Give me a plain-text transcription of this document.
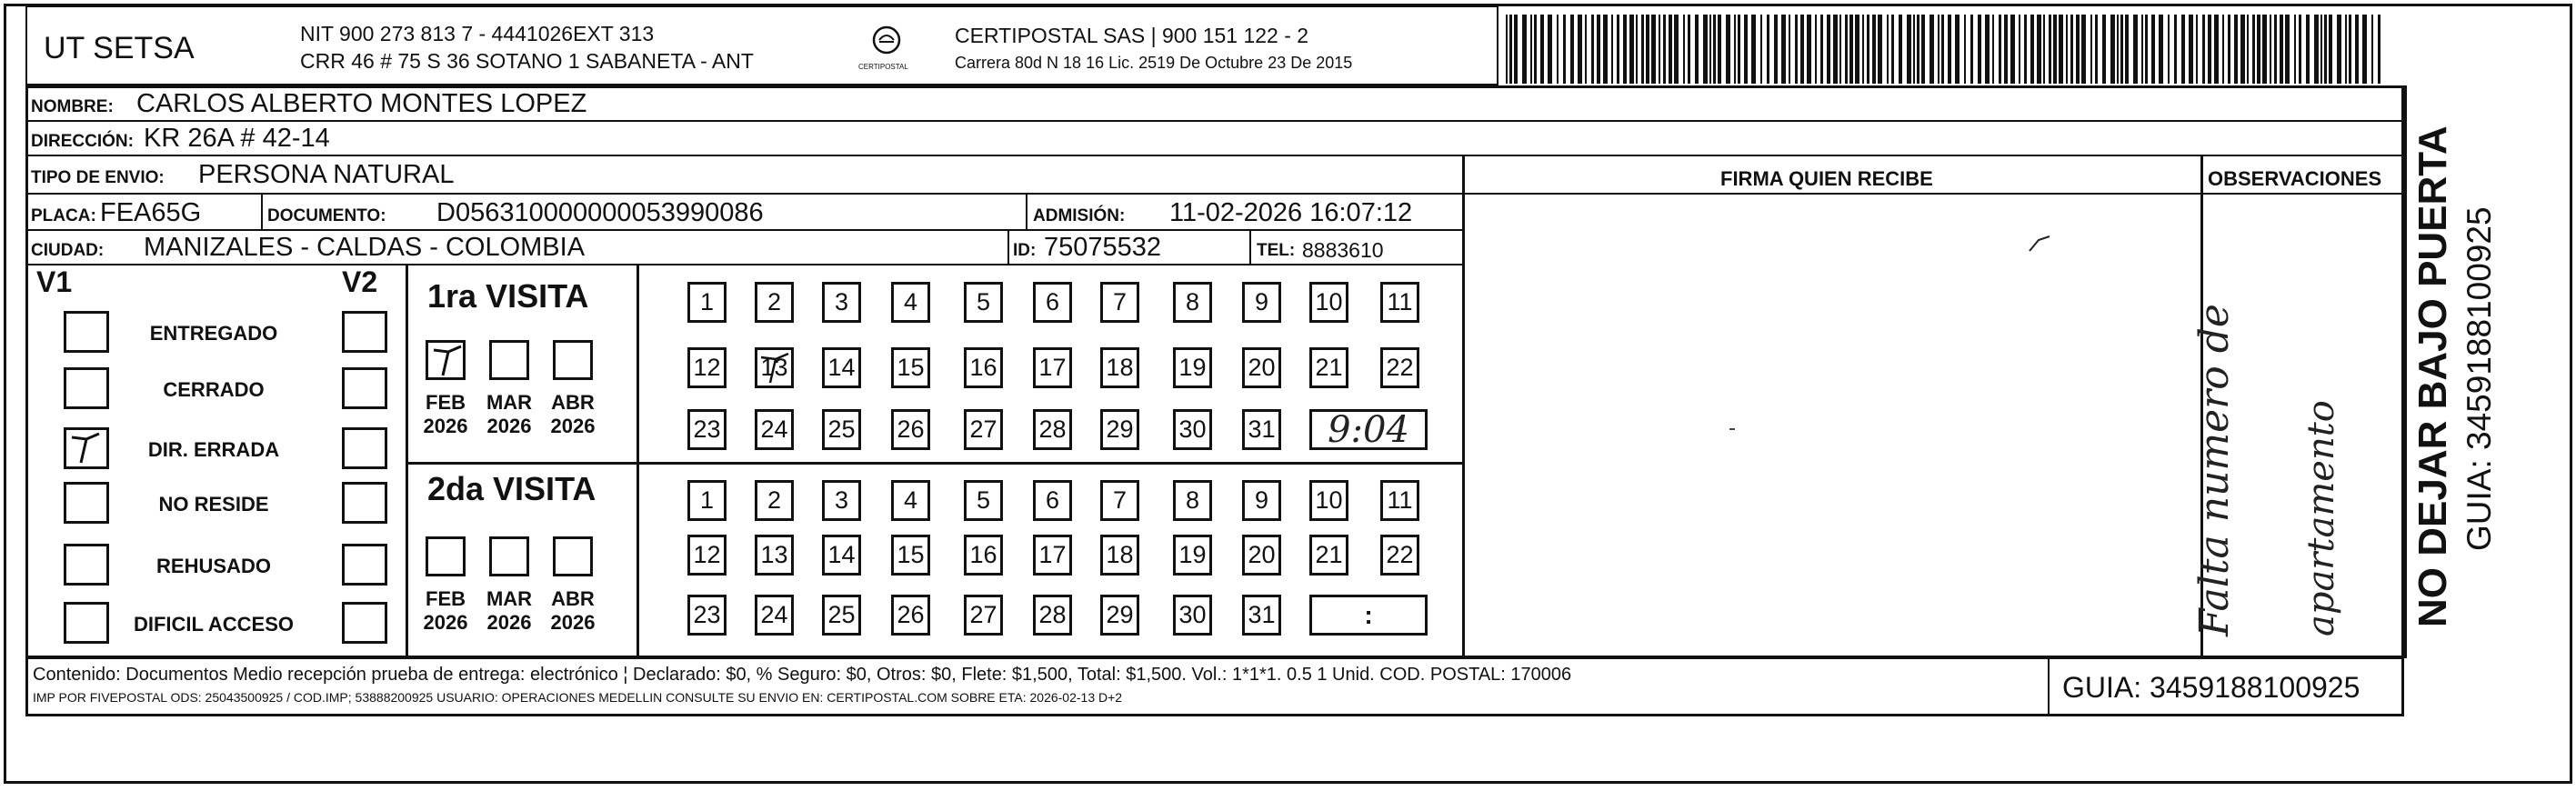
UT SETSA	NIT 900 273 813 7 - 4441026EXT 313
CRR 46 # 75 S 36 SOTANO 1 SABANETA - ANT	CERTIPOSTAL
CERTIPOSTAL SAS | 900 151 122 - 2
Carrera 80d N 18 16 Lic. 2519 De Octubre 23 De 2015
NOMBRE: CARLOS ALBERTO MONTES LOPEZ
DIRECCIÓN: KR 26A # 42-14
TIPO DE ENVIO: PERSONA NATURAL
PLACA: FEA65G	DOCUMENTO: D056310000000053990086	ADMISIÓN: 11-02-2026 16:07:12
CIUDAD: MANIZALES - CALDAS - COLOMBIA	ID: 75075532	TEL: 8883610
FIRMA QUIEN RECIBE	OBSERVACIONES
Falta numero de apartamento	NO DEJAR BAJO PUERTA GUIA: 3459188100925
V1	V2
ENTREGADO
CERRADO
DIR. ERRADA
NO RESIDE
REHUSADO
DIFICIL ACCESO
1ra VISITA
FEB
2026
MAR
2026
ABR
2026
1 2 3 4 5 6 7 8 9 10 11
12 13 14 15 16 17 18 19 20 21 22
23 24 25 26 27 28 29 30 31 9:04
2da VISITA
FEB
2026
MAR
2026
ABR
2026
1 2 3 4 5 6 7 8 9 10 11
12 13 14 15 16 17 18 19 20 21 22
23 24 25 26 27 28 29 30 31	:
Contenido: Documentos Medio recepción prueba de entrega: electrónico ¦ Declarado: $0, % Seguro: $0, Otros: $0, Flete: $1,500, Total: $1,500. Vol.: 1*1*1. 0.5 1 Unid. COD. POSTAL: 170006
IMP POR FIVEPOSTAL ODS: 25043500925 / COD.IMP; 53888200925 USUARIO: OPERACIONES MEDELLIN CONSULTE SU ENVIO EN: CERTIPOSTAL.COM SOBRE ETA: 2026-02-13 D+2	GUIA: 3459188100925
